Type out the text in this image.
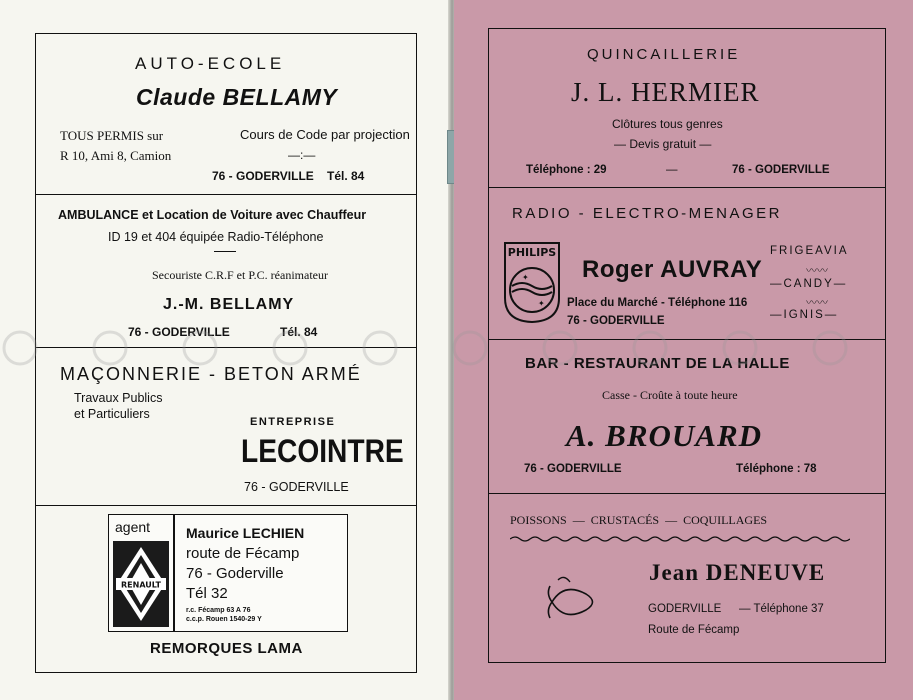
AUTO-ECOLE
Claude BELLAMY
TOUS PERMIS sur
R 10, Ami 8, Camion
Cours de Code par projection
—:—
76 - GODERVILLE Tél. 84
AMBULANCE et Location de Voiture avec Chauffeur
ID 19 et 404 équipée Radio-Téléphone
Secouriste C.R.F et P.C. réanimateur
J.-M. BELLAMY
76 - GODERVILLE	Tél. 84
MAÇONNERIE - BETON ARMÉ
Travaux Publics
et Particuliers
ENTREPRISE
LECOINTRE
76 - GODERVILLE
agent
RENAULT
Maurice LECHIEN
route de Fécamp
76 - Goderville
Tél 32
r.c. Fécamp 63 A 76
c.c.p. Rouen 1540-29 Y
REMORQUES LAMA
QUINCAILLERIE
J. L. HERMIER
Clôtures tous genres
— Devis gratuit —
Téléphone : 29	—	76 - GODERVILLE
RADIO - ELECTRO-MENAGER
PHILIPS
✦
✦
Roger AUVRAY
Place du Marché - Téléphone 116
76 - GODERVILLE
FRIGEAVIA
〰〰
—CANDY—
〰〰
—IGNIS—
BAR - RESTAURANT DE LA HALLE
Casse - Croûte à toute heure
A. BROUARD
76 - GODERVILLE	Téléphone : 78
POISSONS — CRUSTACÉS — COQUILLAGES
Jean DENEUVE
GODERVILLE — Téléphone 37
Route de Fécamp
